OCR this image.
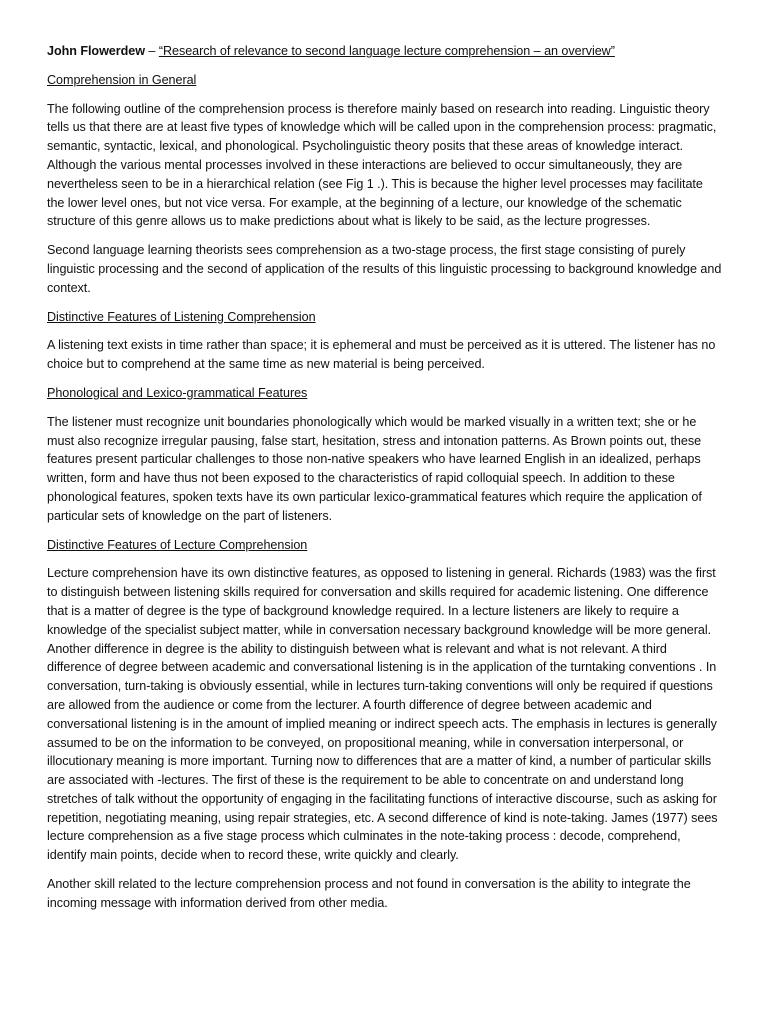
John Flowerdew – “Research of relevance to second language lecture comprehension – an overview”

Comprehension in General

The following outline of the comprehension process is therefore mainly based on research into reading. Linguistic theory tells us that there are at least five types of knowledge which will be called upon in the comprehension process: pragmatic, semantic, syntactic, lexical, and phonological. Psycholinguistic theory posits that these areas of knowledge interact. Although the various mental processes involved in these interactions are believed to occur simultaneously, they are nevertheless seen to be in a hierarchical relation (see Fig 1 .). This is because the higher level processes may facilitate the lower level ones, but not vice versa. For example, at the beginning of a lecture, our knowledge of the schematic structure of this genre allows us to make predictions about what is likely to be said, as the lecture progresses.

Second language learning theorists sees comprehension as a two-stage process, the first stage consisting of purely linguistic processing and the second of application of the results of this linguistic processing to background knowledge and context.

Distinctive Features of Listening Comprehension

A listening text exists in time rather than space; it is ephemeral and must be perceived as it is uttered. The listener has no choice but to comprehend at the same time as new material is being perceived.

Phonological and Lexico-grammatical Features

The listener must recognize unit boundaries phonologically which would be marked visually in a written text; she or he must also recognize irregular pausing, false start, hesitation, stress and intonation patterns. As Brown points out, these features present particular challenges to those non-native speakers who have learned English in an idealized, perhaps written, form and have thus not been exposed to the characteristics of rapid colloquial speech. In addition to these phonological features, spoken texts have its own particular lexico-grammatical features which require the application of particular sets of knowledge on the part of listeners.

Distinctive Features of Lecture Comprehension

Lecture comprehension have its own distinctive features, as opposed to listening in general. Richards (1983) was the first to distinguish between listening skills required for conversation and skills required for academic listening. One difference that is a matter of degree is the type of background knowledge required. In a lecture listeners are likely to require a knowledge of the specialist subject matter, while in conversation necessary background knowledge will be more general. Another difference in degree is the ability to distinguish between what is relevant and what is not relevant. A third difference of degree between academic and conversational listening is in the application of the turntaking conventions . In conversation, turn-taking is obviously essential, while in lectures turn-taking conventions will only be required if questions are allowed from the audience or come from the lecturer. A fourth difference of degree between academic and conversational listening is in the amount of implied meaning or indirect speech acts. The emphasis in lectures is generally assumed to be on the information to be conveyed, on propositional meaning, while in conversation interpersonal, or illocutionary meaning is more important. Turning now to differences that are a matter of kind, a number of particular skills are associated with -lectures. The first of these is the requirement to be able to concentrate on and understand long stretches of talk without the opportunity of engaging in the facilitating functions of interactive discourse, such as asking for repetition, negotiating meaning, using repair strategies, etc. A second difference of kind is note-taking. James (1977) sees lecture comprehension as a five stage process which culminates in the note-taking process : decode, comprehend, identify main points, decide when to record these, write quickly and clearly.

Another skill related to the lecture comprehension process and not found in conversation is the ability to integrate the incoming message with information derived from other media.
